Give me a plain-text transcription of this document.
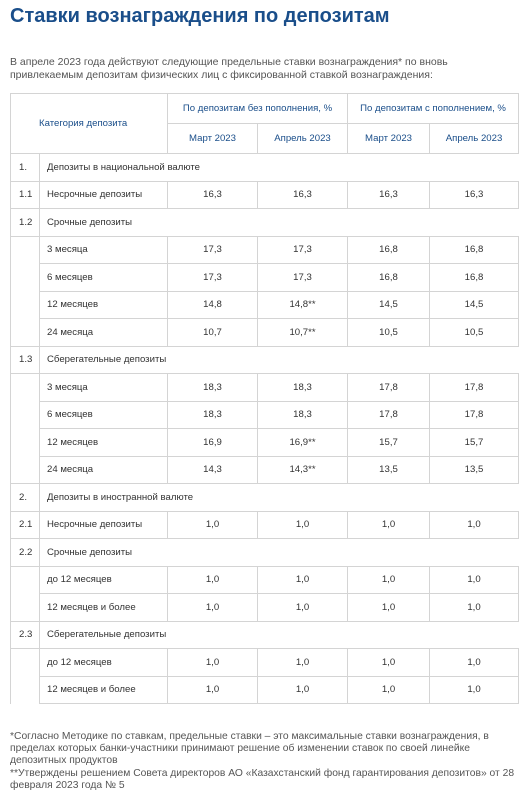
Ставки вознаграждения по депозитам
В апреле 2023 года действуют следующие предельные ставки вознаграждения* по вновь привлекаемым депозитам физических лиц с фиксированной ставкой вознаграждения:
Категория депозита		По депозитам без пополнения, %		По депозитам с пополнением, %	
		Март 2023	Апрель 2023	Март 2023	Апрель 2023
1.	Депозиты в национальной валюте				
1.1	Несрочные депозиты	16,3	16,3	16,3	16,3
1.2	Срочные депозиты				
	3 месяца	17,3	17,3	16,8	16,8
	6 месяцев	17,3	17,3	16,8	16,8
	12 месяцев	14,8	14,8**	14,5	14,5
	24 месяца	10,7	10,7**	10,5	10,5
1.3	Сберегательные депозиты				
	3 месяца	18,3	18,3	17,8	17,8
	6 месяцев	18,3	18,3	17,8	17,8
	12 месяцев	16,9	16,9**	15,7	15,7
	24 месяца	14,3	14,3**	13,5	13,5
2.	Депозиты в иностранной валюте				
2.1	Несрочные депозиты	1,0	1,0	1,0	1,0
2.2	Срочные депозиты				
	до 12 месяцев	1,0	1,0	1,0	1,0
	12 месяцев и более	1,0	1,0	1,0	1,0
2.3	Сберегательные депозиты				
	до 12 месяцев	1,0	1,0	1,0	1,0
	12 месяцев и более	1,0	1,0	1,0	1,0
*Согласно Методике по ставкам, предельные ставки – это максимальные ставки вознаграждения, в пределах которых банки-участники принимают решение об изменении ставок по своей линейке депозитных продуктов
**Утверждены решением Совета директоров АО «Казахстанский фонд гарантирования депозитов» от 28 февраля 2023 года № 5
